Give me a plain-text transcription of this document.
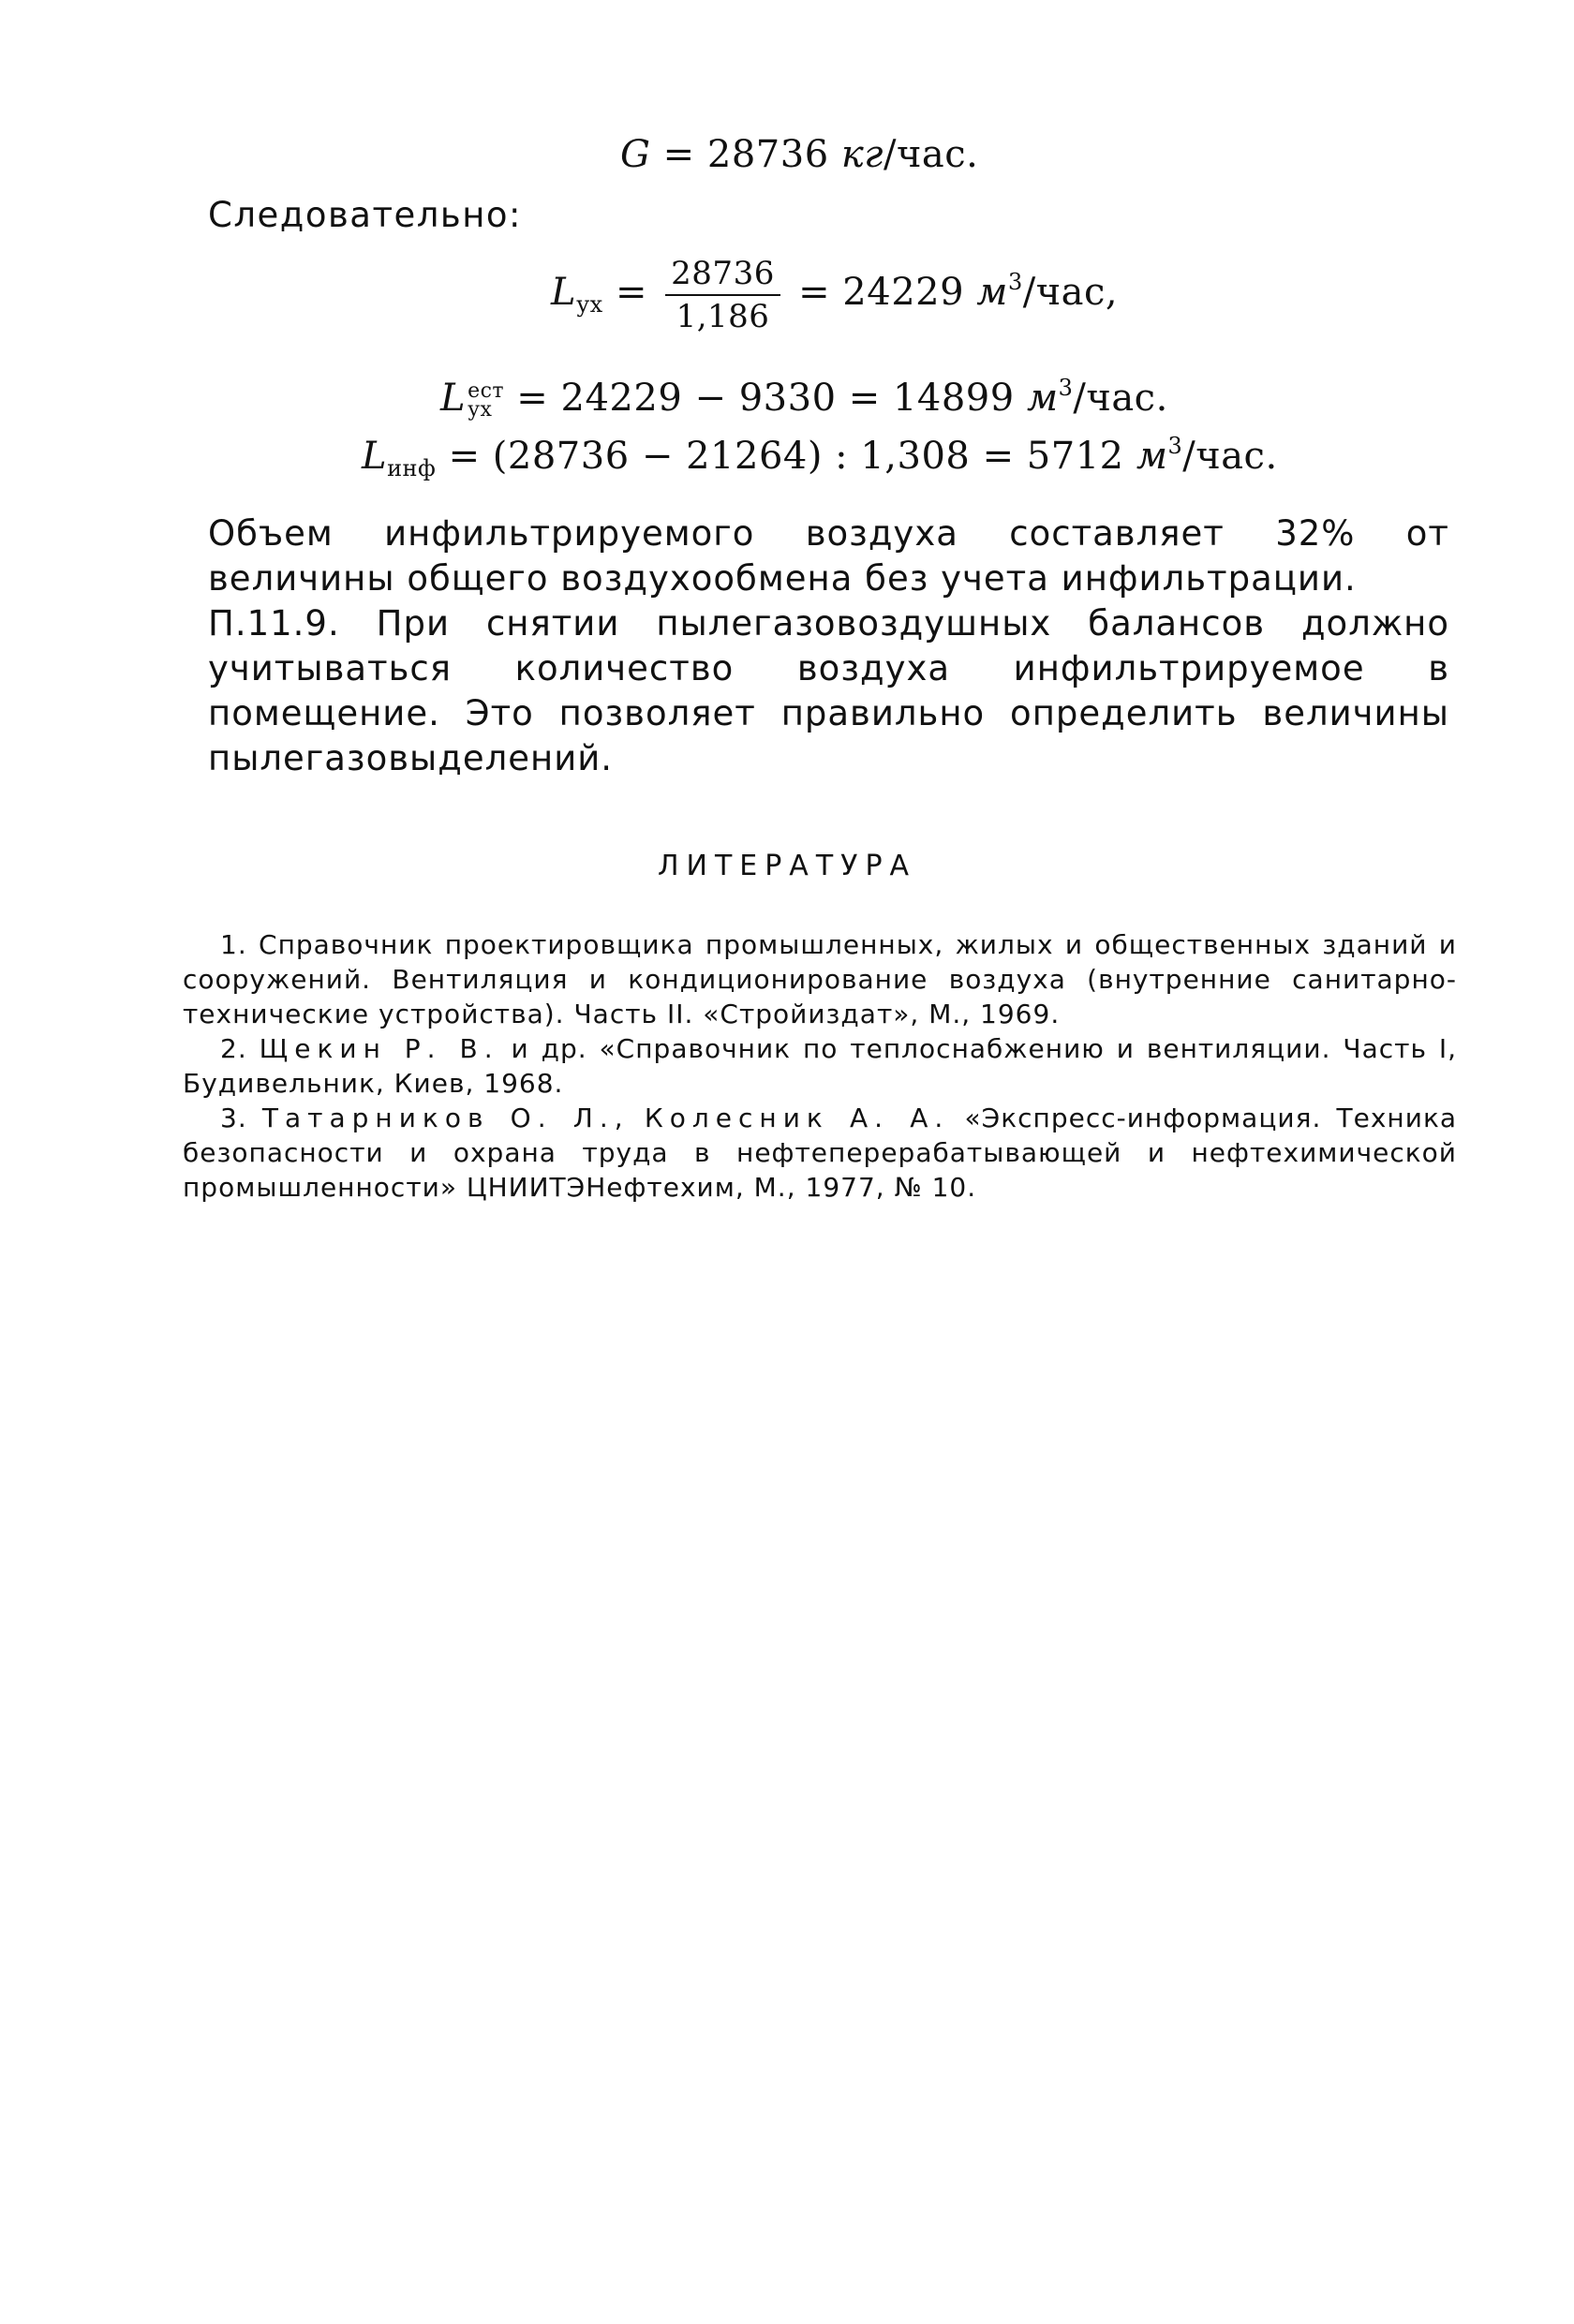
G = 28736 кг/час.
Следовательно:
$L_{ух} = \frac{28736}{1,186} = 24229$ $м^3$/час,
L ест
ух = 24229 − 9330 = 14899 $м^3$/час.
$L_{инф} = (28736 - 21264)$ : 1,308 = 5712 $м^3$/час.

Объем инфильтрируемого воздуха составляет 32% от величины общего воздухообмена без учета инфильтрации.

П.11.9. При снятии пылегазовоздушных балансов должно учитываться количество воздуха инфильтрируемое в помещение. Это позволяет правильно определить величины пылегазовыделений.

ЛИТЕРАТУРА

1. Справочник проектировщика промышленных, жилых и общественных зданий и сооружений. Вентиляция и кондиционирование воздуха (внутренние санитарно-технические устройства). Часть II. «Стройиздат», М., 1969.

2. Щекин Р. В. и др. «Справочник по теплоснабжению и вентиляции. Часть I, Будивельник, Киев, 1968.

3. Татарников О. Л., Колесник А. А. «Экспресс-информация. Техника безопасности и охрана труда в нефтеперерабатывающей и нефтехимической промышленности» ЦНИИТЭНефтехим, М., 1977, № 10.
